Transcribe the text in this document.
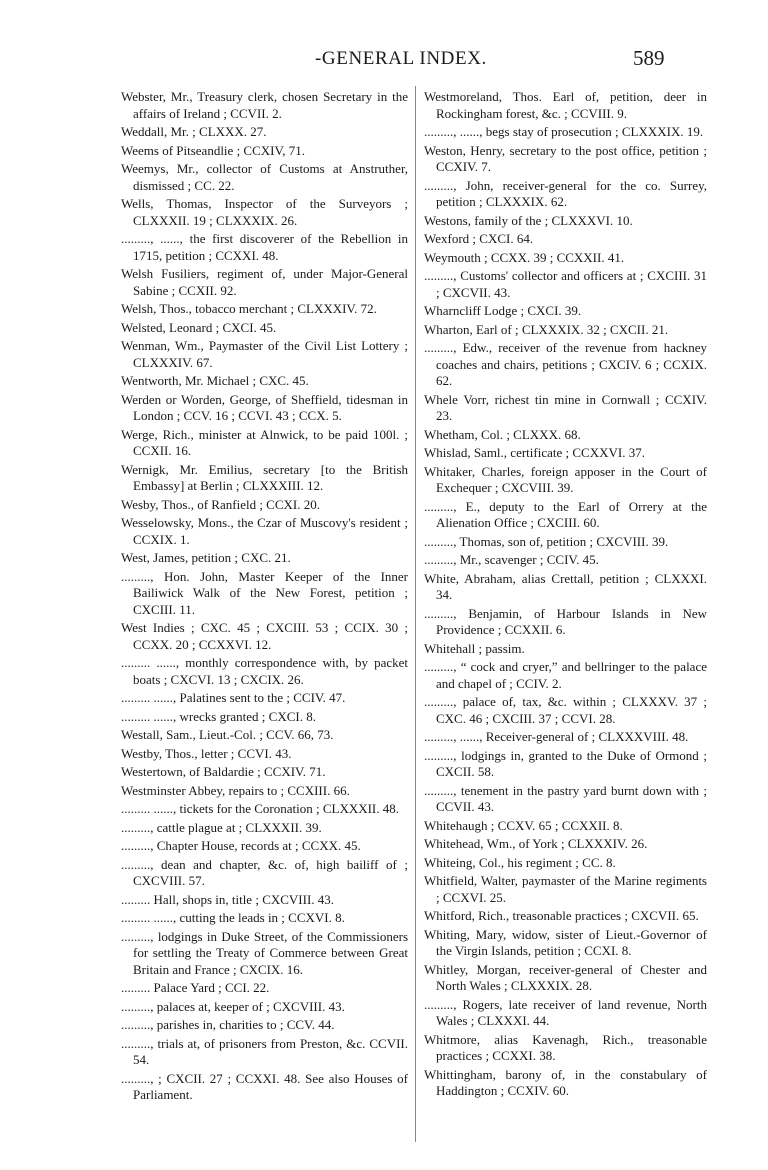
-GENERAL INDEX.	589

Webster, Mr., Treasury clerk, chosen Secretary in the affairs of Ireland ; CCVII. 2.

Weddall, Mr. ; CLXXX. 27.

Weems of Pitseandlie ; CCXIV, 71.

Weemys, Mr., collector of Customs at Anstruther, dismissed ; CC. 22.

Wells, Thomas, Inspector of the Surveyors ; CLXXXII. 19 ; CLXXXIX. 26.

........., ......, the first discoverer of the Rebellion in 1715, petition ; CCXXI. 48.

Welsh Fusiliers, regiment of, under Major-General Sabine ; CCXII. 92.

Welsh, Thos., tobacco merchant ; CLXXXIV. 72.

Welsted, Leonard ; CXCI. 45.

Wenman, Wm., Paymaster of the Civil List Lottery ; CLXXXIV. 67.

Wentworth, Mr. Michael ; CXC. 45.

Werden or Worden, George, of Sheffield, tidesman in London ; CCV. 16 ; CCVI. 43 ; CCX. 5.

Werge, Rich., minister at Alnwick, to be paid 100l. ; CCXII. 16.

Wernigk, Mr. Emilius, secretary [to the British Embassy] at Berlin ; CLXXXIII. 12.

Wesby, Thos., of Ranfield ; CCXI. 20.

Wesselowsky, Mons., the Czar of Muscovy's resident ; CCXIX. 1.

West, James, petition ; CXC. 21.

........., Hon. John, Master Keeper of the Inner Bailiwick Walk of the New Forest, petition ; CXCIII. 11.

West Indies ; CXC. 45 ; CXCIII. 53 ; CCIX. 30 ; CCXX. 20 ; CCXXVI. 12.

......... ......, monthly correspondence with, by packet boats ; CXCVI. 13 ; CXCIX. 26.

......... ......, Palatines sent to the ; CCIV. 47.

......... ......, wrecks granted ; CXCI. 8.

Westall, Sam., Lieut.-Col. ; CCV. 66, 73.

Westby, Thos., letter ; CCVI. 43.

Westertown, of Baldardie ; CCXIV. 71.

Westminster Abbey, repairs to ; CCXIII. 66.

......... ......, tickets for the Coronation ; CLXXXII. 48.

........., cattle plague at ; CLXXXII. 39.

........., Chapter House, records at ; CCXX. 45.

........., dean and chapter, &c. of, high bailiff of ; CXCVIII. 57.

......... Hall, shops in, title ; CXCVIII. 43.

......... ......, cutting the leads in ; CCXVI. 8.

........., lodgings in Duke Street, of the Commissioners for settling the Treaty of Commerce between Great Britain and France ; CXCIX. 16.

......... Palace Yard ; CCI. 22.

........., palaces at, keeper of ; CXCVIII. 43.

........., parishes in, charities to ; CCV. 44.

........., trials at, of prisoners from Preston, &c. CCVII. 54.

........., ; CXCII. 27 ; CCXXI. 48. See also Houses of Parliament.

Westmoreland, Thos. Earl of, petition, deer in Rockingham forest, &c. ; CCVIII. 9.

........., ......, begs stay of prosecution ; CLXXXIX. 19.

Weston, Henry, secretary to the post office, petition ; CCXIV. 7.

........., John, receiver-general for the co. Surrey, petition ; CLXXXIX. 62.

Westons, family of the ; CLXXXVI. 10.

Wexford ; CXCI. 64.

Weymouth ; CCXX. 39 ; CCXXII. 41.

........., Customs' collector and officers at ; CXCIII. 31 ; CXCVII. 43.

Wharncliff Lodge ; CXCI. 39.

Wharton, Earl of ; CLXXXIX. 32 ; CXCII. 21.

........., Edw., receiver of the revenue from hackney coaches and chairs, petitions ; CXCIV. 6 ; CCXIX. 62.

Whele Vorr, richest tin mine in Cornwall ; CCXIV. 23.

Whetham, Col. ; CLXXX. 68.

Whislad, Saml., certificate ; CCXXVI. 37.

Whitaker, Charles, foreign apposer in the Court of Exchequer ; CXCVIII. 39.

........., E., deputy to the Earl of Orrery at the Alienation Office ; CXCIII. 60.

........., Thomas, son of, petition ; CXCVIII. 39.

........., Mr., scavenger ; CCIV. 45.

White, Abraham, alias Crettall, petition ; CLXXXI. 34.

........., Benjamin, of Harbour Islands in New Providence ; CCXXII. 6.

Whitehall ; passim.

........., “ cock and cryer,” and bellringer to the palace and chapel of ; CCIV. 2.

........., palace of, tax, &c. within ; CLXXXV. 37 ; CXC. 46 ; CXCIII. 37 ; CCVI. 28.

........., ......, Receiver-general of ; CLXXXVIII. 48.

........., lodgings in, granted to the Duke of Ormond ; CXCII. 58.

........., tenement in the pastry yard burnt down with ; CCVII. 43.

Whitehaugh ; CCXV. 65 ; CCXXII. 8.

Whitehead, Wm., of York ; CLXXXIV. 26.

Whiteing, Col., his regiment ; CC. 8.

Whitfield, Walter, paymaster of the Marine regiments ; CCXVI. 25.

Whitford, Rich., treasonable practices ; CXCVII. 65.

Whiting, Mary, widow, sister of Lieut.-Governor of the Virgin Islands, petition ; CCXI. 8.

Whitley, Morgan, receiver-general of Chester and North Wales ; CLXXXIX. 28.

........., Rogers, late receiver of land revenue, North Wales ; CLXXXI. 44.

Whitmore, alias Kavenagh, Rich., treasonable practices ; CCXXI. 38.

Whittingham, barony of, in the constabulary of Haddington ; CCXIV. 60.
